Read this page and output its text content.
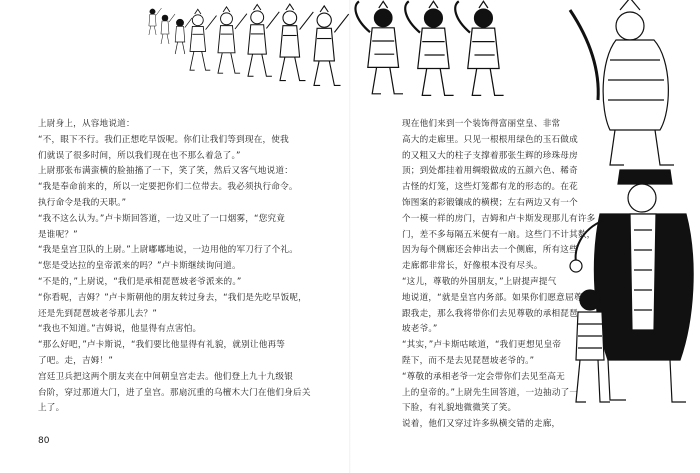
上尉身上，从容地说道：

“不，眼下不行。我们正想吃早饭呢。你们让我们等到现在，使我

们就误了很多时间，所以我们现在也不那么着急了。”

上尉那张布满蛮横的脸抽搐了一下，笑了笑，然后又客气地说道：

“我是奉命前来的，所以一定要把你们二位带去。我必须执行命令。

执行命令是我的天职。”

“我不这么认为。”卢卡斯回答道，一边又吐了一口烟雾，“您究竟

是谁呢？”

“我是皇宫卫队的上尉。”上尉嘟嘟地说，一边用他的军刀行了个礼。

“您是受达拉的皇帝派来的吗？”卢卡斯继续询问道。

“不是的，”上尉说，“我们是承相琵琶坡老爷派来的。”

“你看呢，吉姆？”卢卡斯朝他的朋友转过身去，“我们是先吃早饭呢，

还是先到琵琶坡老爷那儿去？”

“我也不知道。”吉姆说，他显得有点害怕。

“那么好吧，”卢卡斯说，“我们要比他显得有礼貌，就别让他再等

了吧。走，吉姆！”

宫廷卫兵把这两个朋友夹在中间朝皇宫走去。他们登上九十九级银

台阶，穿过那道大门，进了皇宫。那扇沉重的乌檀木大门在他们身后关

上了。

80

现在他们来到一个装饰得富丽堂皇、非常

高大的走廊里。只见一根根用绿色的玉石做成

的又粗又大的柱子支撑着那张生辉的珍珠母房

顶；到处都挂着用绸缎做成的五颜六色、稀奇

古怪的灯笼，这些灯笼都有龙的形态的。在花

饰图案的彩锻镶成的横楔；左右两边又有一个

个一模一样的房门，吉姆和卢卡斯发现那儿有许多

门，差不多每隔五米便有一扇。这些门不计其数，

因为每个侧廊还会伸出去一个侧廊，所有这些

走廊都非常长，好像根本没有尽头。

“这儿，尊敬的外国朋友，”上尉提声提气

地说道，“就是皇宫内务部。如果你们愿意屈尊

跟我走，那么我将带你们去见尊敬的承相琵琶

坡老爷。”

“其实，”卢卡斯咕哝道，“我们更想见皇帝

陛下，而不是去见琵琶坡老爷的。”

“尊敬的承相老爷一定会带你们去见至高无

上的皇帝的。”上尉先生回答道，一边抽动了一

下脸，有礼貌地微微笑了笑。

说着，他们又穿过许多纵横交错的走廊，
